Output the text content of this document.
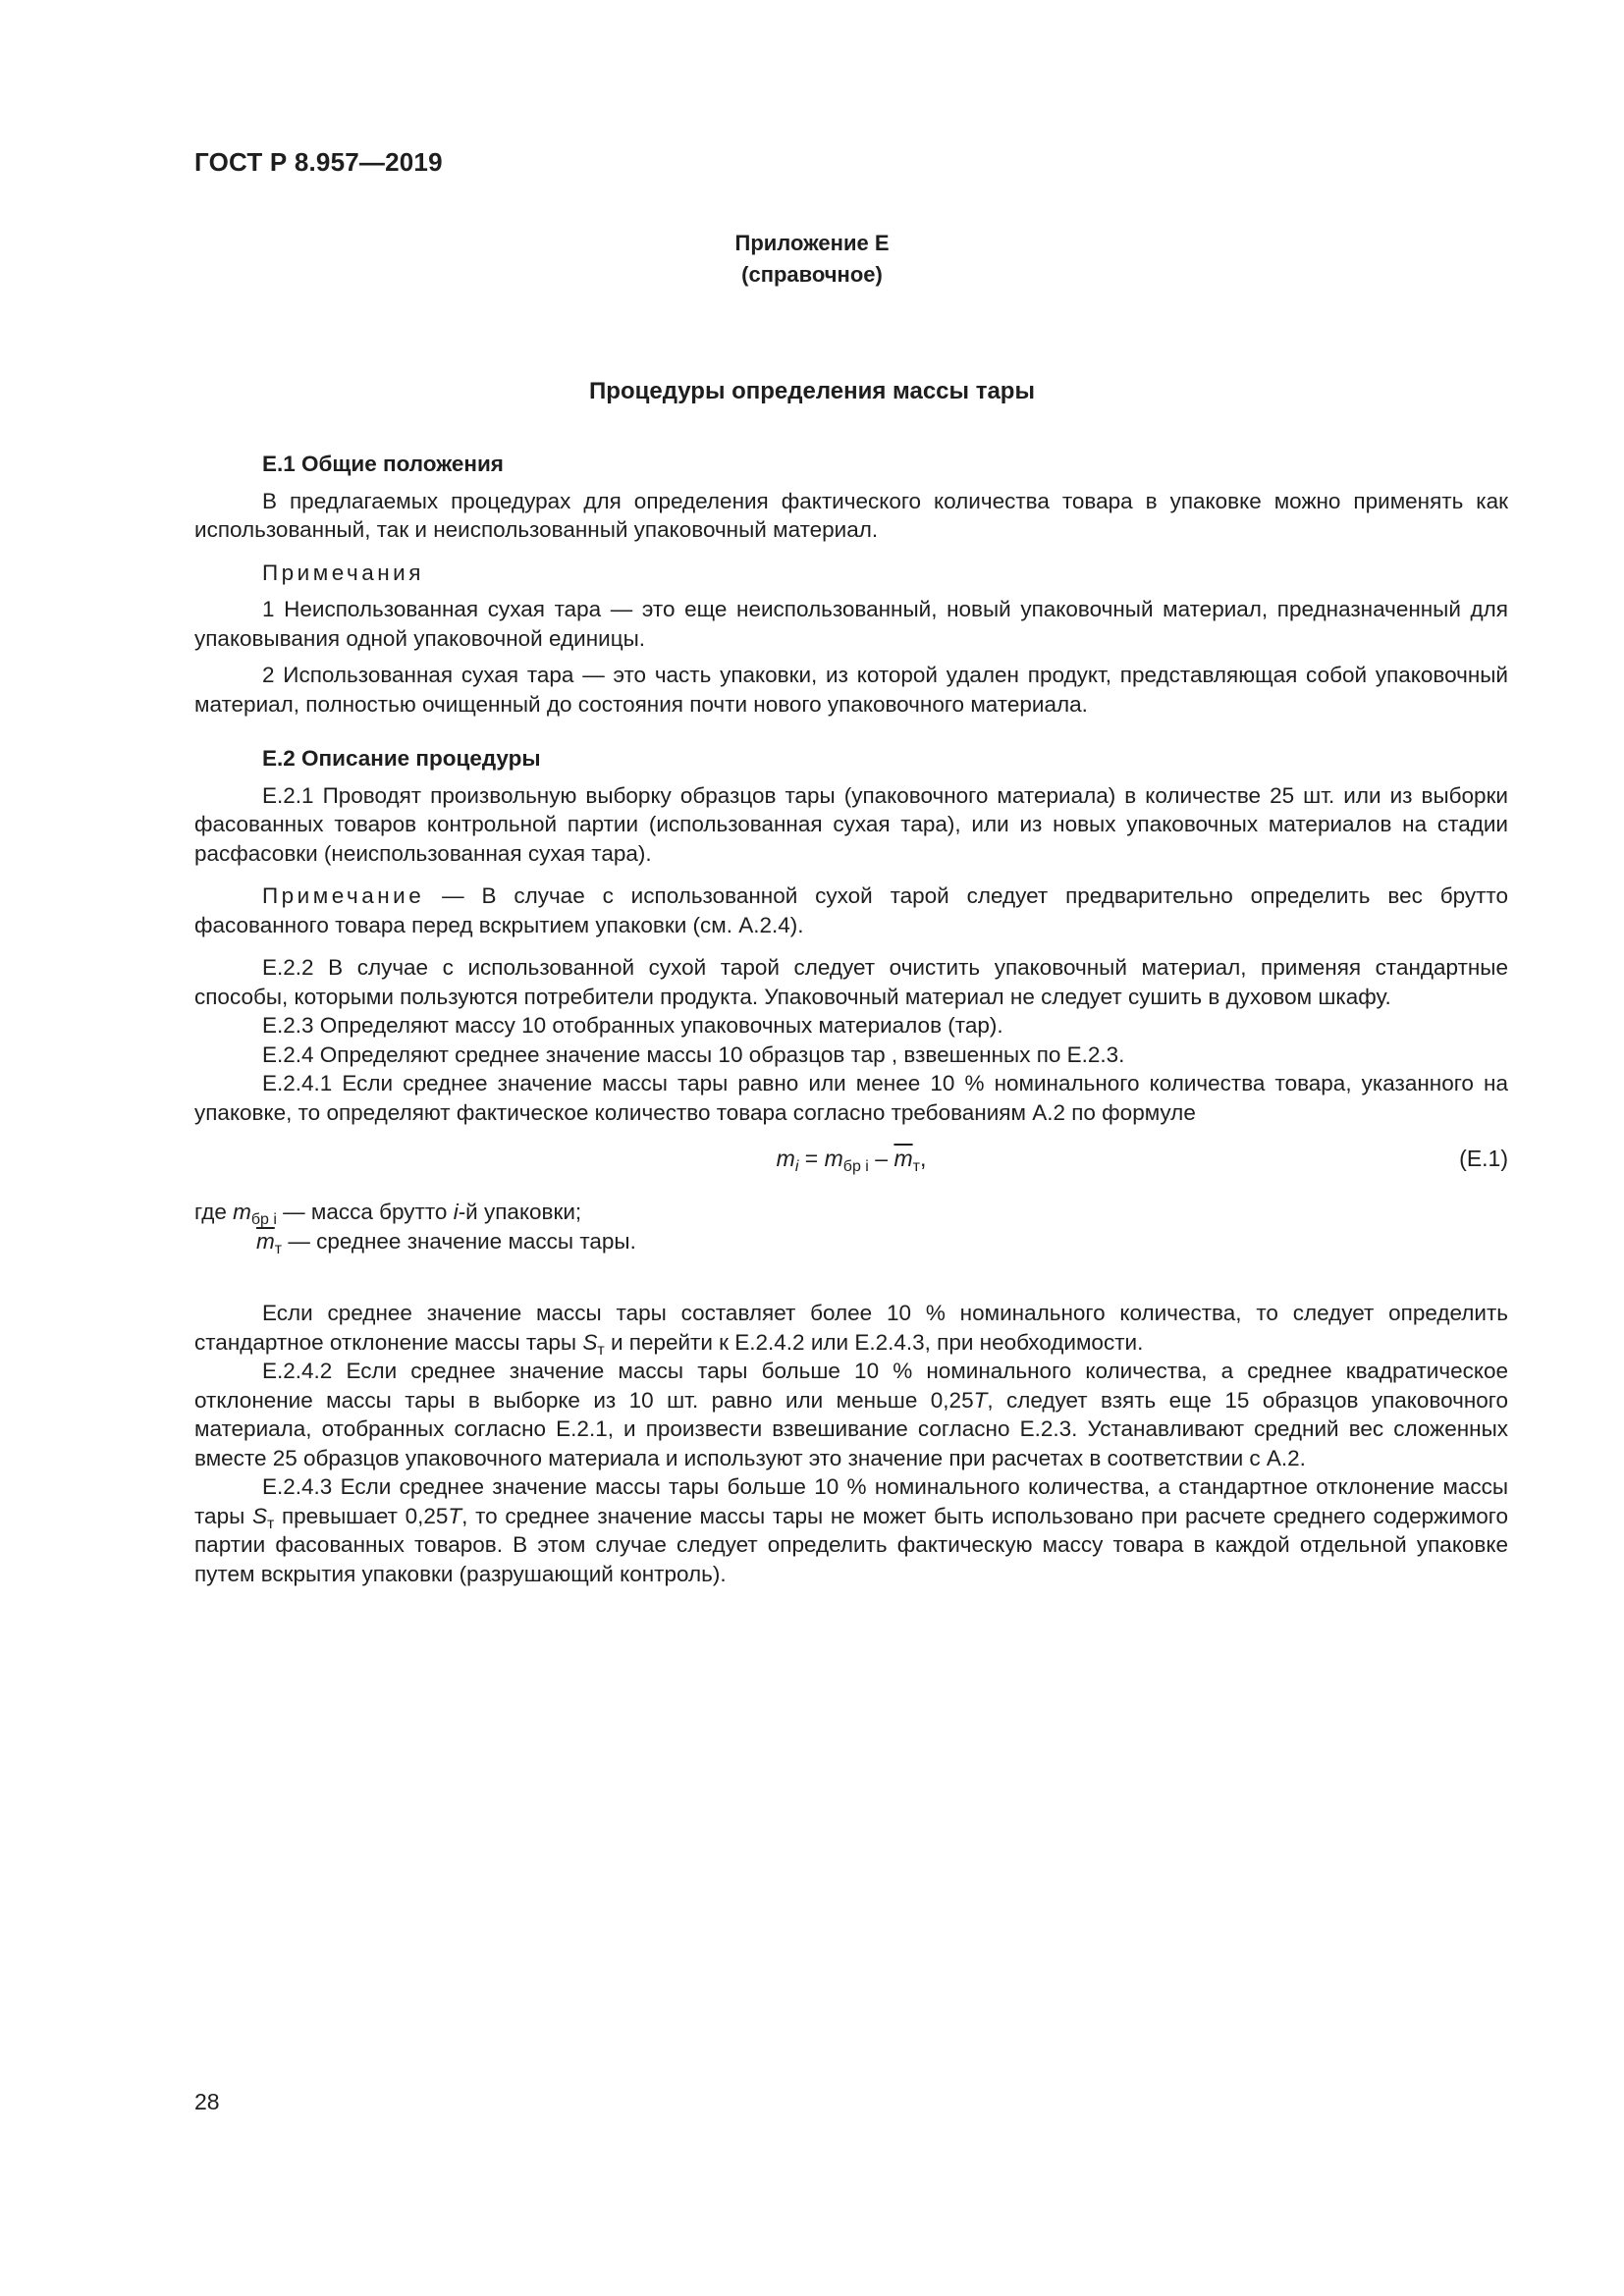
ГОСТ Р 8.957—2019
Приложение Е
(справочное)
Процедуры определения массы тары

Е.1 Общие положения

В предлагаемых процедурах для определения фактического количества товара в упаковке можно применять как использованный, так и неиспользованный упаковочный материал.

Примечания

1 Неиспользованная сухая тара — это еще неиспользованный, новый упаковочный материал, предназначенный для упаковывания одной упаковочной единицы.

2 Использованная сухая тара — это часть упаковки, из которой удален продукт, представляющая собой упаковочный материал, полностью очищенный до состояния почти нового упаковочного материала.

Е.2 Описание процедуры

Е.2.1 Проводят произвольную выборку образцов тары (упаковочного материала) в количестве 25 шт. или из выборки фасованных товаров контрольной партии (использованная сухая тара), или из новых упаковочных материалов на стадии расфасовки (неиспользованная сухая тара).

Примечание — В случае с использованной сухой тарой следует предварительно определить вес брутто фасованного товара перед вскрытием упаковки (см. А.2.4).

Е.2.2 В случае с использованной сухой тарой следует очистить упаковочный материал, применяя стандартные способы, которыми пользуются потребители продукта. Упаковочный материал не следует сушить в духовом шкафу.

Е.2.3 Определяют массу 10 отобранных упаковочных материалов (тар).

Е.2.4 Определяют среднее значение массы 10 образцов тар , взвешенных по Е.2.3.

Е.2.4.1 Если среднее значение массы тары равно или менее 10 % номинального количества товара, указанного на упаковке, то определяют фактическое количество товара согласно требованиям А.2 по формуле

$m_i = m_{бр i} - \overline{m}_т$,	(Е.1)

где $m_{бр i}$ — масса брутто i-й упаковки;

$\overline{m}_т$ — среднее значение массы тары.

Если среднее значение массы тары составляет более 10 % номинального количества, то следует определить стандартное отклонение массы тары $S_т$ и перейти к Е.2.4.2 или Е.2.4.3, при необходимости.

Е.2.4.2 Если среднее значение массы тары больше 10 % номинального количества, а среднее квадратическое отклонение массы тары в выборке из 10 шт. равно или меньше 0,25T, следует взять еще 15 образцов упаковочного материала, отобранных согласно Е.2.1, и произвести взвешивание согласно Е.2.3. Устанавливают средний вес сложенных вместе 25 образцов упаковочного материала и используют это значение при расчетах в соответствии с А.2.

Е.2.4.3 Если среднее значение массы тары больше 10 % номинального количества, а стандартное отклонение массы тары $S_т$ превышает 0,25T, то среднее значение массы тары не может быть использовано при расчете среднего содержимого партии фасованных товаров. В этом случае следует определить фактическую массу товара в каждой отдельной упаковке путем вскрытия упаковки (разрушающий контроль).

28
